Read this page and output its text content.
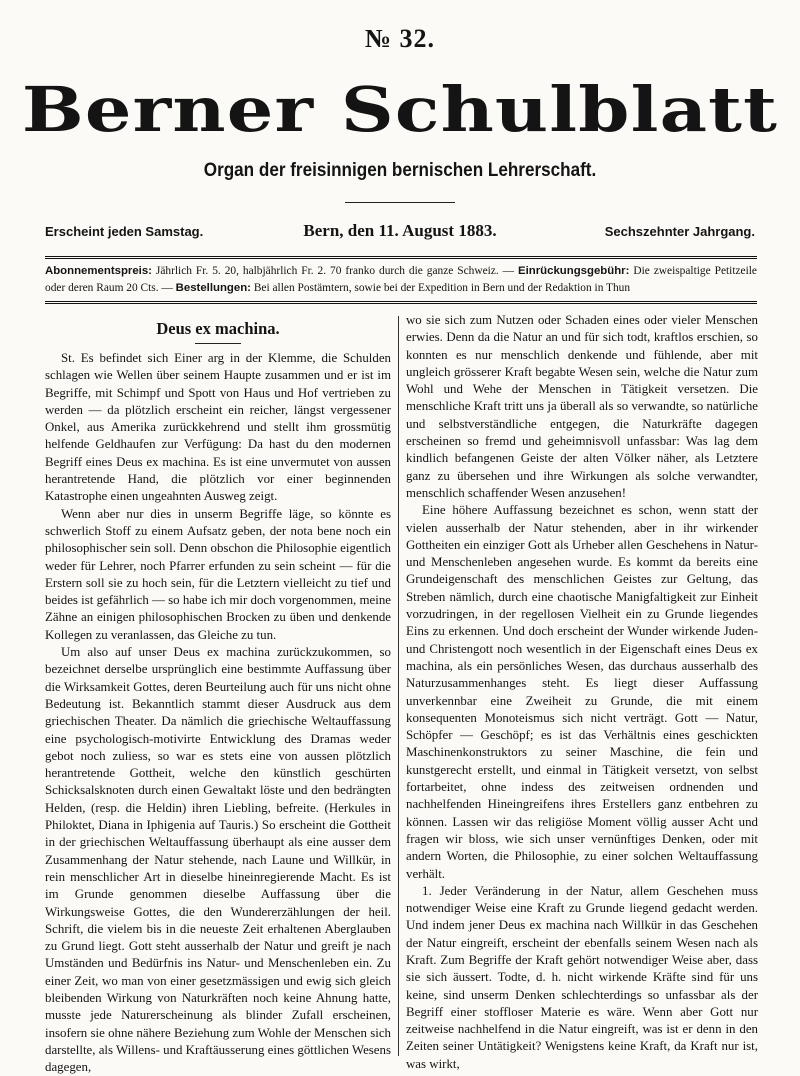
№ 32.
Berner Schulblatt
Organ der freisinnigen bernischen Lehrerschaft.
Erscheint jeden Samstag.	Bern, den 11. August 1883.	Sechszehnter Jahrgang.
Abonnementspreis: Jährlich Fr. 5. 20, halbjährlich Fr. 2. 70 franko durch die ganze Schweiz. — Einrückungsgebühr: Die zweispaltige Petitzeile oder deren Raum 20 Cts. — Bestellungen: Bei allen Postämtern, sowie bei der Expedition in Bern und der Redaktion in Thun
Deus ex machina.

St. Es befindet sich Einer arg in der Klemme, die Schulden schlagen wie Wellen über seinem Haupte zusammen und er ist im Begriffe, mit Schimpf und Spott von Haus und Hof vertrieben zu werden — da plötzlich erscheint ein reicher, längst vergessener Onkel, aus Amerika zurückkehrend und stellt ihm grossmütig helfende Geldhaufen zur Verfügung: Da hast du den modernen Begriff eines Deus ex machina. Es ist eine unvermutet von aussen herantretende Hand, die plötzlich vor einer beginnenden Katastrophe einen ungeahnten Ausweg zeigt.

Wenn aber nur dies in unserm Begriffe läge, so könnte es schwerlich Stoff zu einem Aufsatz geben, der nota bene noch ein philosophischer sein soll. Denn obschon die Philosophie eigentlich weder für Lehrer, noch Pfarrer erfunden zu sein scheint — für die Erstern soll sie zu hoch sein, für die Letztern vielleicht zu tief und beides ist gefährlich — so habe ich mir doch vorgenommen, meine Zähne an einigen philosophischen Brocken zu üben und denkende Kollegen zu veranlassen, das Gleiche zu tun.

Um also auf unser Deus ex machina zurückzukommen, so bezeichnet derselbe ursprünglich eine bestimmte Auffassung über die Wirksamkeit Gottes, deren Beurteilung auch für uns nicht ohne Bedeutung ist. Bekanntlich stammt dieser Ausdruck aus dem griechischen Theater. Da nämlich die griechische Weltauffassung eine psychologisch-motivirte Entwicklung des Dramas weder gebot noch zuliess, so war es stets eine von aussen plötzlich herantretende Gottheit, welche den künstlich geschürten Schicksalsknoten durch einen Gewaltakt löste und den bedrängten Helden, (resp. die Heldin) ihren Liebling, befreite. (Herkules in Philoktet, Diana in Iphigenia auf Tauris.) So erscheint die Gottheit in der griechischen Weltauffassung überhaupt als eine ausser dem Zusammenhang der Natur stehende, nach Laune und Willkür, in rein menschlicher Art in dieselbe hineinregierende Macht. Es ist im Grunde genommen dieselbe Auffassung über die Wirkungsweise Gottes, die den Wundererzählungen der heil. Schrift, die vielem bis in die neueste Zeit erhaltenen Aberglauben zu Grund liegt. Gott steht ausserhalb der Natur und greift je nach Umständen und Bedürfnis ins Natur- und Menschenleben ein. Zu einer Zeit, wo man von einer gesetzmässigen und ewig sich gleich bleibenden Wirkung von Naturkräften noch keine Ahnung hatte, musste jede Naturerscheinung als blinder Zufall erscheinen, insofern sie ohne nähere Beziehung zum Wohle der Menschen sich darstellte, als Willens- und Kraftäusserung eines göttlichen Wesens dagegen,

wo sie sich zum Nutzen oder Schaden eines oder vieler Menschen erwies. Denn da die Natur an und für sich todt, kraftlos erschien, so konnten es nur menschlich denkende und fühlende, aber mit ungleich grösserer Kraft begabte Wesen sein, welche die Natur zum Wohl und Wehe der Menschen in Tätigkeit versetzen. Die menschliche Kraft tritt uns ja überall als so verwandte, so natürliche und selbstverständliche entgegen, die Naturkräfte dagegen erscheinen so fremd und geheimnisvoll unfassbar: Was lag dem kindlich befangenen Geiste der alten Völker näher, als Letztere ganz zu übersehen und ihre Wirkungen als solche verwandter, menschlich schaffender Wesen anzusehen!

Eine höhere Auffassung bezeichnet es schon, wenn statt der vielen ausserhalb der Natur stehenden, aber in ihr wirkender Gottheiten ein einziger Gott als Urheber allen Geschehens in Natur- und Menschenleben angesehen wurde. Es kommt da bereits eine Grundeigenschaft des menschlichen Geistes zur Geltung, das Streben nämlich, durch eine chaotische Manigfaltigkeit zur Einheit vorzudringen, in der regellosen Vielheit ein zu Grunde liegendes Eins zu erkennen. Und doch erscheint der Wunder wirkende Juden- und Christengott noch wesentlich in der Eigenschaft eines Deus ex machina, als ein persönliches Wesen, das durchaus ausserhalb des Naturzusammenhanges steht. Es liegt dieser Auffassung unverkennbar eine Zweiheit zu Grunde, die mit einem konsequenten Monoteismus sich nicht verträgt. Gott — Natur, Schöpfer — Geschöpf; es ist das Verhältnis eines geschickten Maschinenkonstruktors zu seiner Maschine, die fein und kunstgerecht erstellt, und einmal in Tätigkeit versetzt, von selbst fortarbeitet, ohne indess des zeitweisen ordnenden und nachhelfenden Hineingreifens ihres Erstellers ganz entbehren zu können. Lassen wir das religiöse Moment völlig ausser Acht und fragen wir bloss, wie sich unser vernünftiges Denken, oder mit andern Worten, die Philosophie, zu einer solchen Weltauffassung verhält.

1. Jeder Veränderung in der Natur, allem Geschehen muss notwendiger Weise eine Kraft zu Grunde liegend gedacht werden. Und indem jener Deus ex machina nach Willkür in das Geschehen der Natur eingreift, erscheint der ebenfalls seinem Wesen nach als Kraft. Zum Begriffe der Kraft gehört notwendiger Weise aber, dass sie sich äussert. Todte, d. h. nicht wirkende Kräfte sind für uns keine, sind unserm Denken schlechterdings so unfassbar als der Begriff einer stoffloser Materie es wäre. Wenn aber Gott nur zeitweise nachhelfend in die Natur eingreift, was ist er denn in den Zeiten seiner Untätigkeit? Wenigstens keine Kraft, da Kraft nur ist, was wirkt,
